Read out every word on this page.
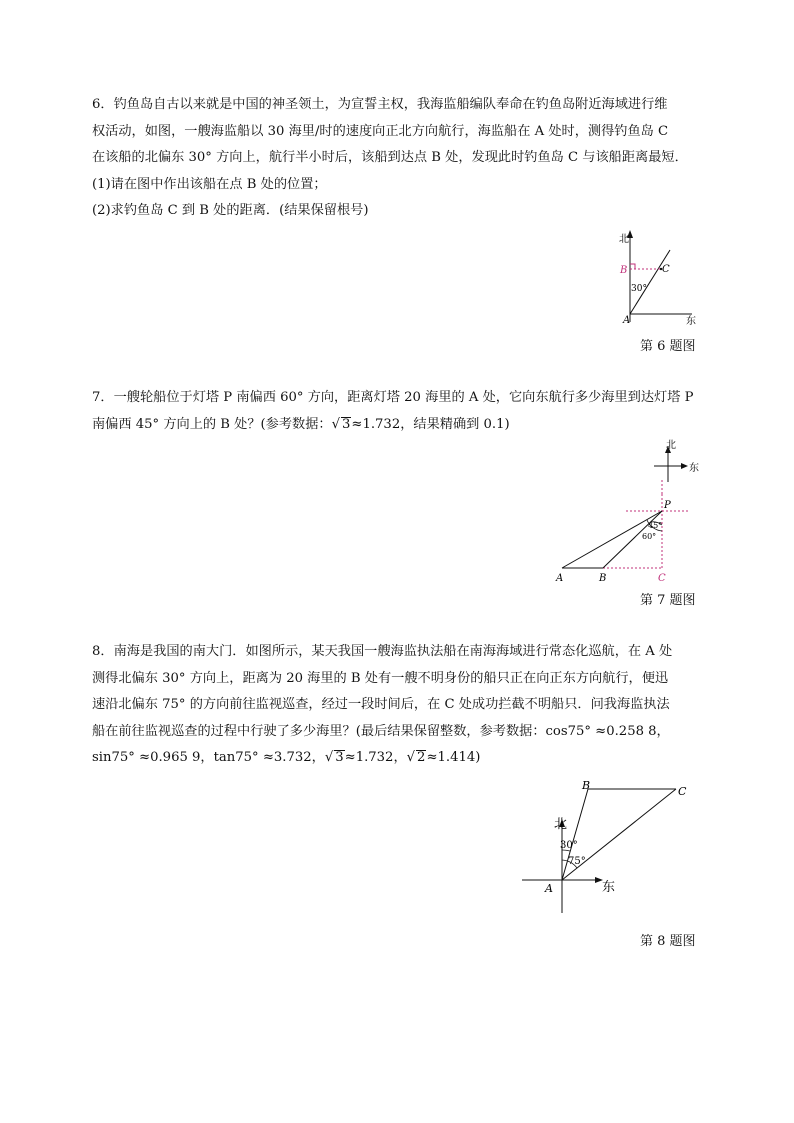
6．钓鱼岛自古以来就是中国的神圣领土，为宣誓主权，我海监船编队奉命在钓鱼岛附近海域进行维
权活动，如图，一艘海监船以 30 海里/时的速度向正北方向航行，海监船在 A 处时，测得钓鱼岛 C
在该船的北偏东 30° 方向上，航行半小时后，该船到达点 B 处，发现此时钓鱼岛 C 与该船距离最短．
(1)请在图中作出该船在点 B 处的位置；
(2)求钓鱼岛 C 到 B 处的距离．(结果保留根号)
北
东
B	C
30°
A
第 6 题图
7．一艘轮船位于灯塔 P 南偏西 60° 方向，距离灯塔 20 海里的 A 处，它向东航行多少海里到达灯塔 P
南偏西 45° 方向上的 B 处？(参考数据：√ 3≈1.732，结果精确到 0.1)
北
东
P
45°
60°
A	B	C
第 7 题图
8．南海是我国的南大门．如图所示，某天我国一艘海监执法船在南海海域进行常态化巡航，在 A 处
测得北偏东 30° 方向上，距离为 20 海里的 B 处有一艘不明身份的船只正在向正东方向航行，便迅
速沿北偏东 75° 的方向前往监视巡查，经过一段时间后，在 C 处成功拦截不明船只．问我海监执法
船在前往监视巡查的过程中行驶了多少海里？(最后结果保留整数，参考数据：cos75° ≈0.258 8，
sin75° ≈0.965 9，tan75° ≈3.732，√ 3≈1.732，√ 2≈1.414)
北
东
30°
75°
B	C
A
第 8 题图
